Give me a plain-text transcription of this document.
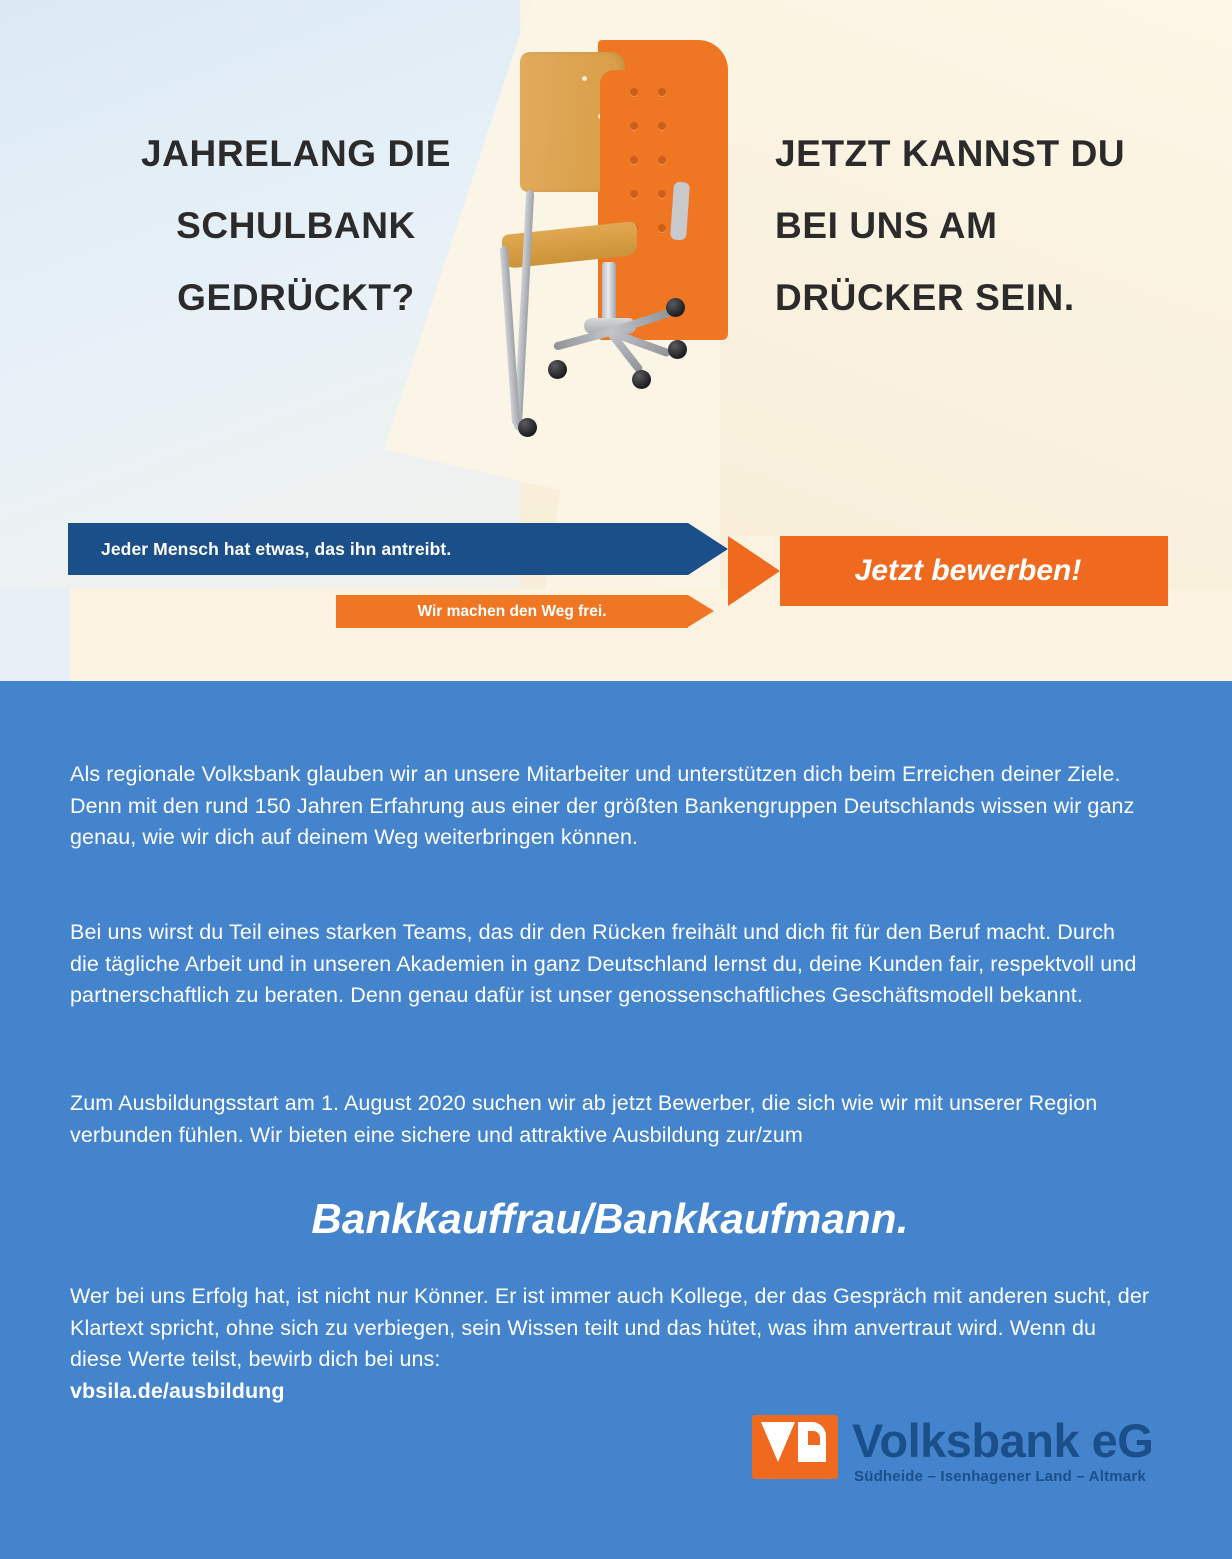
JAHRELANG DIE SCHULBANK GEDRÜCKT?
JETZT KANNST DU BEI UNS AM DRÜCKER SEIN.
Jeder Mensch hat etwas, das ihn antreibt.
Wir machen den Weg frei.
Jetzt bewerben!
Als regionale Volksbank glauben wir an unsere Mitarbeiter und unterstützen dich beim Erreichen deiner Ziele. Denn mit den rund 150 Jahren Erfahrung aus einer der größten Bankengruppen Deutschlands wissen wir ganz genau, wie wir dich auf deinem Weg weiterbringen können.
Bei uns wirst du Teil eines starken Teams, das dir den Rücken freihält und dich fit für den Beruf macht. Durch die tägliche Arbeit und in unseren Akademien in ganz Deutschland lernst du, deine Kunden fair, respektvoll und partnerschaftlich zu beraten. Denn genau dafür ist unser genossenschaftliches Geschäftsmodell bekannt.
Zum Ausbildungsstart am 1. August 2020 suchen wir ab jetzt Bewerber, die sich wie wir mit unserer Region verbunden fühlen. Wir bieten eine sichere und attraktive Ausbildung zur/zum
Bankkauffrau/Bankkaufmann.
Wer bei uns Erfolg hat, ist nicht nur Könner. Er ist immer auch Kollege, der das Gespräch mit anderen sucht, der Klartext spricht, ohne sich zu verbiegen, sein Wissen teilt und das hütet, was ihm anvertraut wird. Wenn du diese Werte teilst, bewirb dich bei uns:
vbsila.de/ausbildung
Volksbank eG
Südheide – Isenhagener Land – Altmark
